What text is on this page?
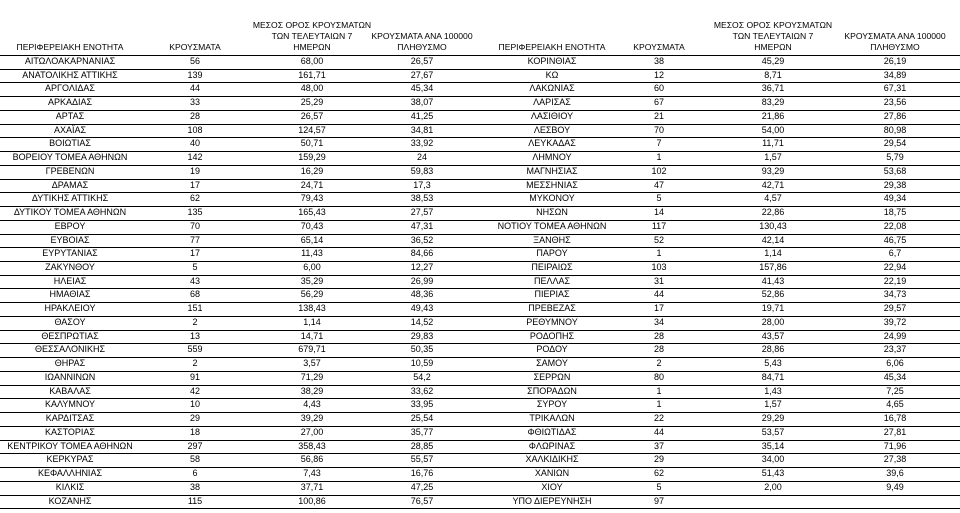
ΠΕΡΙΦΕΡΕΙΑΚΗ ΕΝΟΤΗΤΑ	ΚΡΟΥΣΜΑΤΑ
ΜΕΣΟΣ ΟΡΟΣ ΚΡΟΥΣΜΑΤΩΝ
ΤΩΝ ΤΕΛΕΥΤΑΙΩΝ 7
ΗΜΕΡΩΝ
ΚΡΟΥΣΜΑΤΑ ΑΝΑ 100000
ΠΛΗΘΥΣΜΟ
ΑΙΤΩΛΟΑΚΑΡΝΑΝΙΑΣ	56	68,00	26,57
ΑΝΑΤΟΛΙΚΗΣ ΑΤΤΙΚΗΣ	139	161,71	27,67
ΑΡΓΟΛΙΔΑΣ	44	48,00	45,34
ΑΡΚΑΔΙΑΣ	33	25,29	38,07
ΑΡΤΑΣ	28	26,57	41,25
ΑΧΑΪΑΣ	108	124,57	34,81
ΒΟΙΩΤΙΑΣ	40	50,71	33,92
ΒΟΡΕΙΟΥ ΤΟΜΕΑ ΑΘΗΝΩΝ	142	159,29	24
ΓΡΕΒΕΝΩΝ	19	16,29	59,83
ΔΡΑΜΑΣ	17	24,71	17,3
ΔΥΤΙΚΗΣ ΑΤΤΙΚΗΣ	62	79,43	38,53
ΔΥΤΙΚΟΥ ΤΟΜΕΑ ΑΘΗΝΩΝ	135	165,43	27,57
ΕΒΡΟΥ	70	70,43	47,31
ΕΥΒΟΙΑΣ	77	65,14	36,52
ΕΥΡΥΤΑΝΙΑΣ	17	11,43	84,66
ΖΑΚΥΝΘΟΥ	5	6,00	12,27
ΗΛΕΙΑΣ	43	35,29	26,99
ΗΜΑΘΙΑΣ	68	56,29	48,36
ΗΡΑΚΛΕΙΟΥ	151	138,43	49,43
ΘΑΣΟΥ	2	1,14	14,52
ΘΕΣΠΡΩΤΙΑΣ	13	14,71	29,83
ΘΕΣΣΑΛΟΝΙΚΗΣ	559	679,71	50,35
ΘΗΡΑΣ	2	3,57	10,59
ΙΩΑΝΝΙΝΩΝ	91	71,29	54,2
ΚΑΒΑΛΑΣ	42	38,29	33,62
ΚΑΛΥΜΝΟΥ	10	4,43	33,95
ΚΑΡΔΙΤΣΑΣ	29	39,29	25,54
ΚΑΣΤΟΡΙΑΣ	18	27,00	35,77
ΚΕΝΤΡΙΚΟΥ ΤΟΜΕΑ ΑΘΗΝΩΝ	297	358,43	28,85
ΚΕΡΚΥΡΑΣ	58	56,86	55,57
ΚΕΦΑΛΛΗΝΙΑΣ	6	7,43	16,76
ΚΙΛΚΙΣ	38	37,71	47,25
ΚΟΖΑΝΗΣ	115	100,86	76,57
ΠΕΡΙΦΕΡΕΙΑΚΗ ΕΝΟΤΗΤΑ	ΚΡΟΥΣΜΑΤΑ
ΜΕΣΟΣ ΟΡΟΣ ΚΡΟΥΣΜΑΤΩΝ
ΤΩΝ ΤΕΛΕΥΤΑΙΩΝ 7
ΗΜΕΡΩΝ
ΚΡΟΥΣΜΑΤΑ ΑΝΑ 100000
ΠΛΗΘΥΣΜΟ
ΚΟΡΙΝΘΙΑΣ	38	45,29	26,19
ΚΩ	12	8,71	34,89
ΛΑΚΩΝΙΑΣ	60	36,71	67,31
ΛΑΡΙΣΑΣ	67	83,29	23,56
ΛΑΣΙΘΙΟΥ	21	21,86	27,86
ΛΕΣΒΟΥ	70	54,00	80,98
ΛΕΥΚΑΔΑΣ	7	11,71	29,54
ΛΗΜΝΟΥ	1	1,57	5,79
ΜΑΓΝΗΣΙΑΣ	102	93,29	53,68
ΜΕΣΣΗΝΙΑΣ	47	42,71	29,38
ΜΥΚΟΝΟΥ	5	4,57	49,34
ΝΗΣΩΝ	14	22,86	18,75
ΝΟΤΙΟΥ ΤΟΜΕΑ ΑΘΗΝΩΝ	117	130,43	22,08
ΞΑΝΘΗΣ	52	42,14	46,75
ΠΑΡΟΥ	1	1,14	6,7
ΠΕΙΡΑΙΩΣ	103	157,86	22,94
ΠΕΛΛΑΣ	31	41,43	22,19
ΠΙΕΡΙΑΣ	44	52,86	34,73
ΠΡΕΒΕΖΑΣ	17	19,71	29,57
ΡΕΘΥΜΝΟΥ	34	28,00	39,72
ΡΟΔΟΠΗΣ	28	43,57	24,99
ΡΟΔΟΥ	28	28,86	23,37
ΣΑΜΟΥ	2	5,43	6,06
ΣΕΡΡΩΝ	80	84,71	45,34
ΣΠΟΡΑΔΩΝ	1	1,43	7,25
ΣΥΡΟΥ	1	1,57	4,65
ΤΡΙΚΑΛΩΝ	22	29,29	16,78
ΦΘΙΩΤΙΔΑΣ	44	53,57	27,81
ΦΛΩΡΙΝΑΣ	37	35,14	71,96
ΧΑΛΚΙΔΙΚΗΣ	29	34,00	27,38
ΧΑΝΙΩΝ	62	51,43	39,6
ΧΙΟΥ	5	2,00	9,49
ΥΠΟ ΔΙΕΡΕΥΝΗΣΗ	97
